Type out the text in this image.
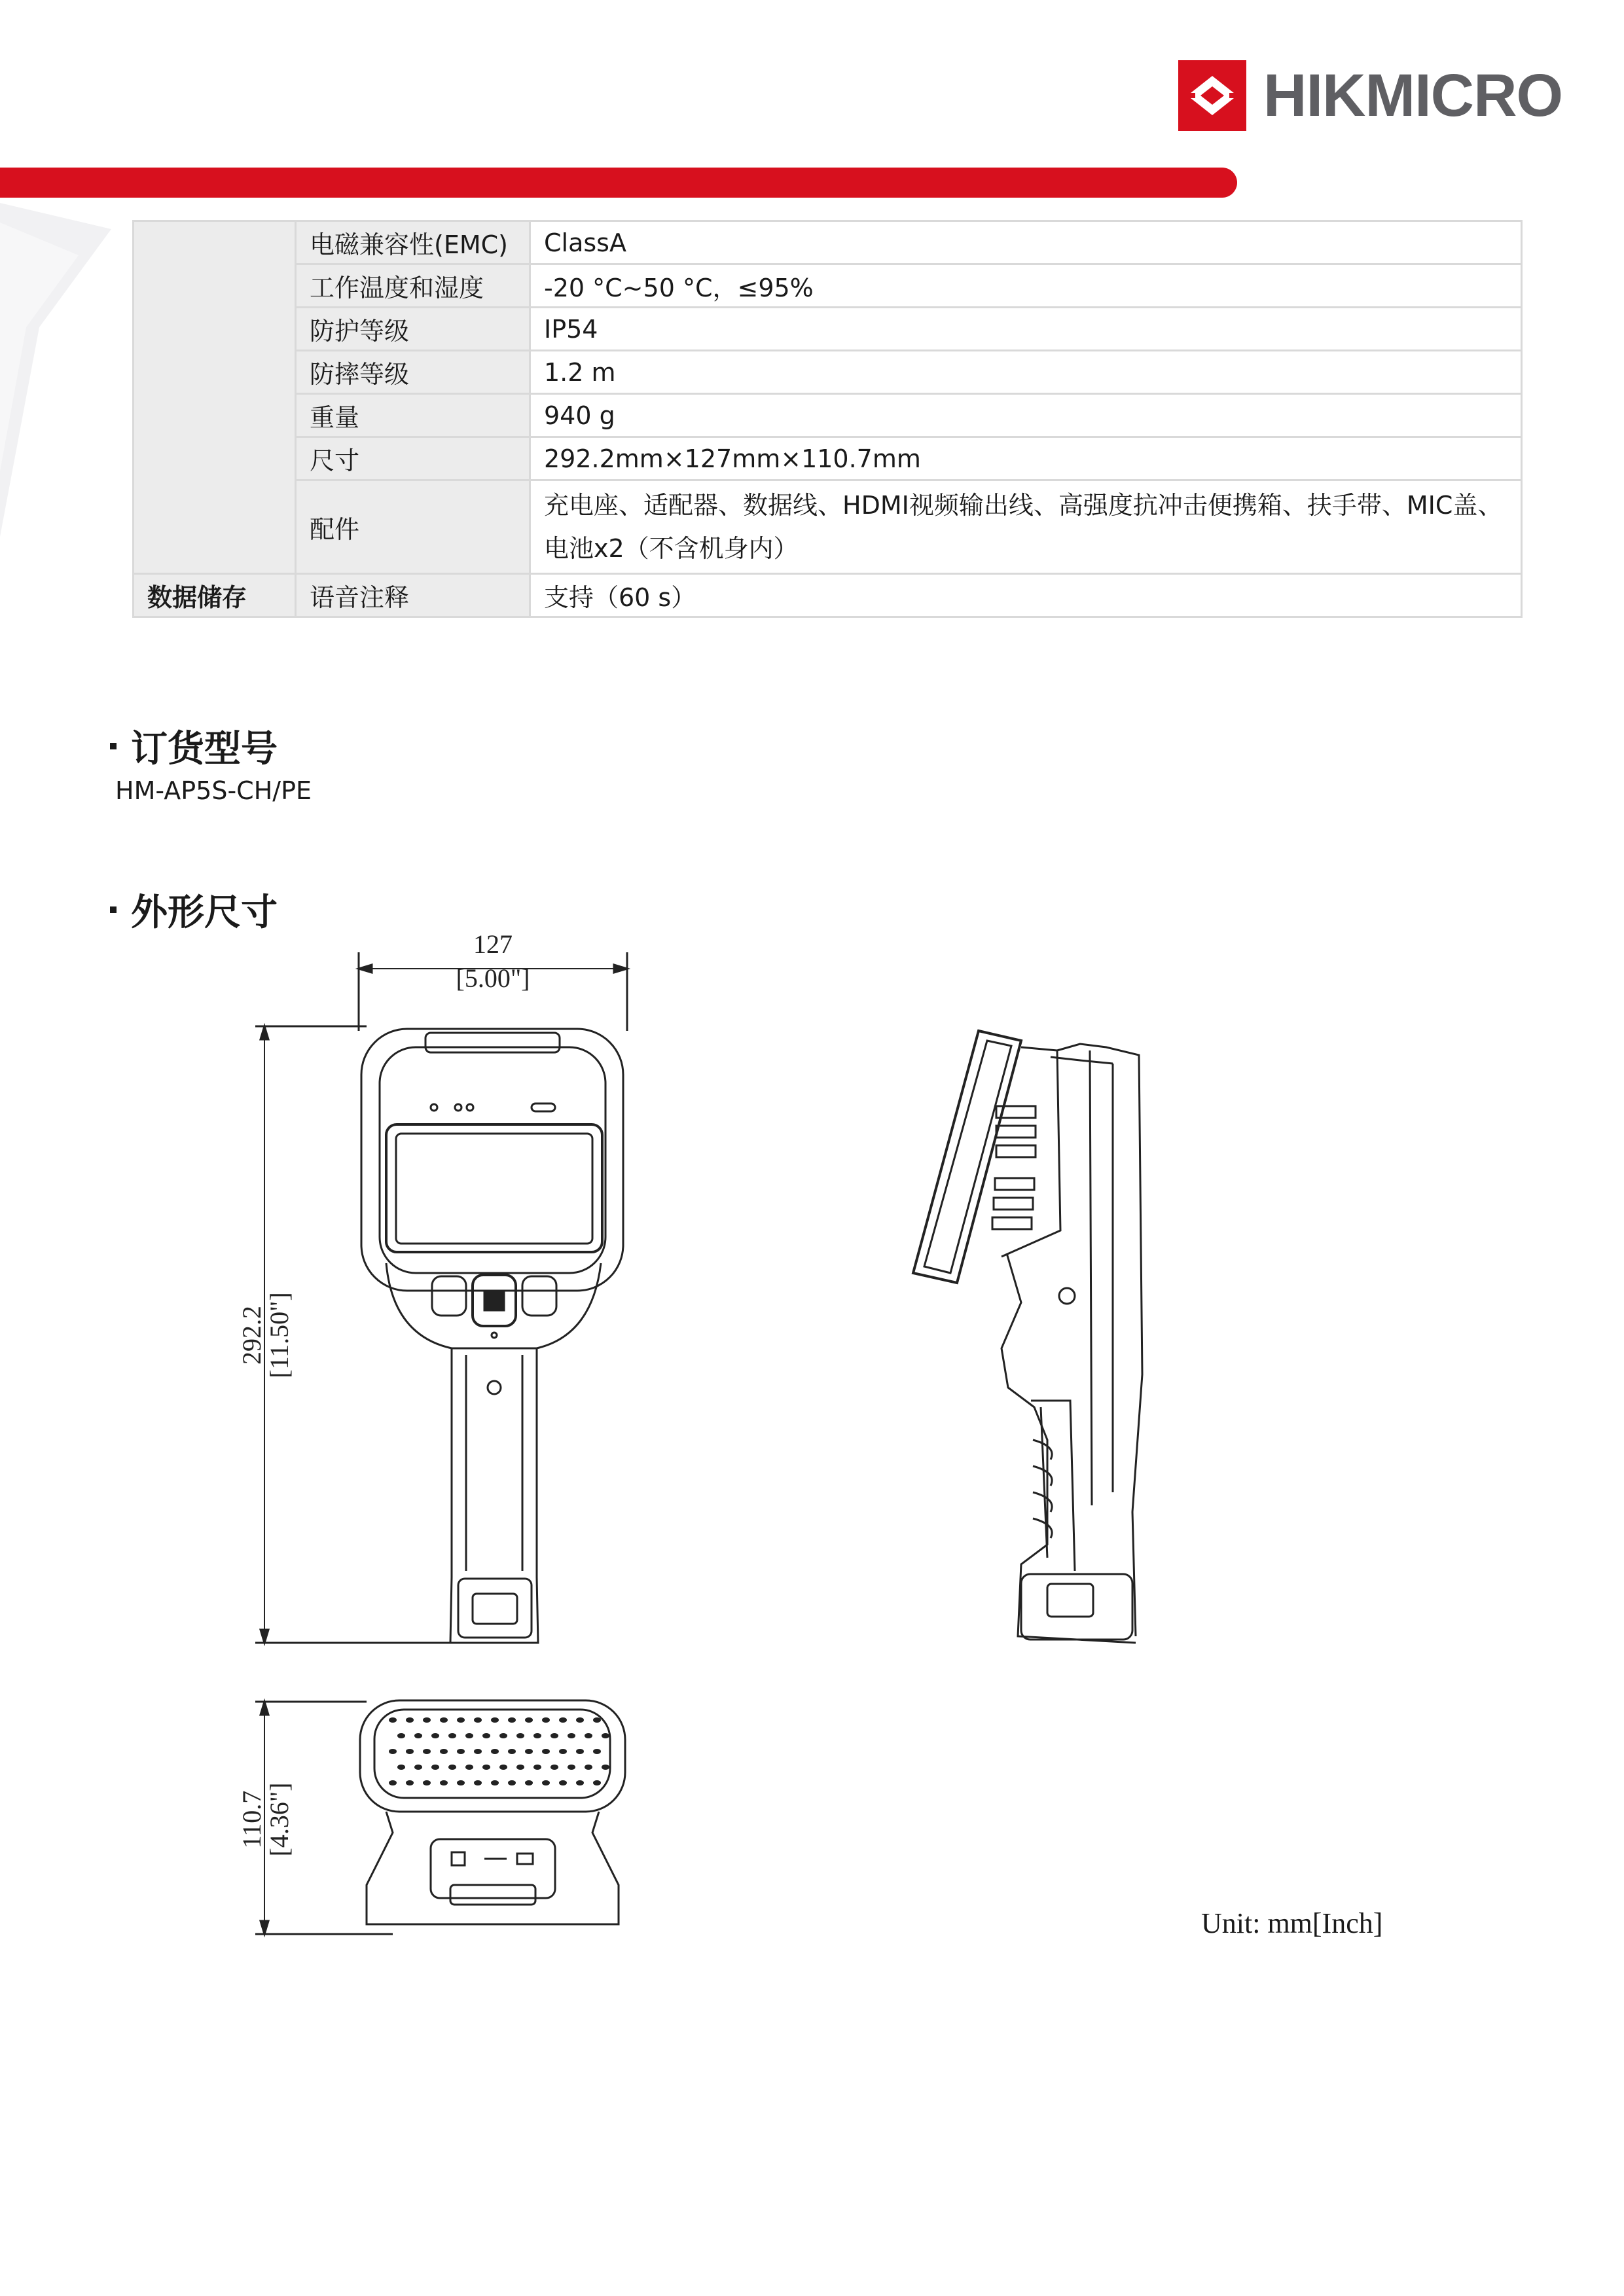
HIKMICRO
	电磁兼容性(EMC)	ClassA
	工作温度和湿度	-20 °C~50 °C，≤95%
	防护等级	IP54
	防摔等级	1.2 m
	重量	940 g
	尺寸	292.2mm×127mm×110.7mm
	配件	充电座、适配器、数据线、HDMI视频输出线、高强度抗冲击便携箱、扶手带、MIC盖、电池x2（不含机身内）
数据储存	语音注释	支持（60 s）
订货型号
HM-AP5S-CH/PE
外形尺寸
127
[5.00"]
292.2
[11.50"]
110.7
[4.36"]
Unit: mm[Inch]
